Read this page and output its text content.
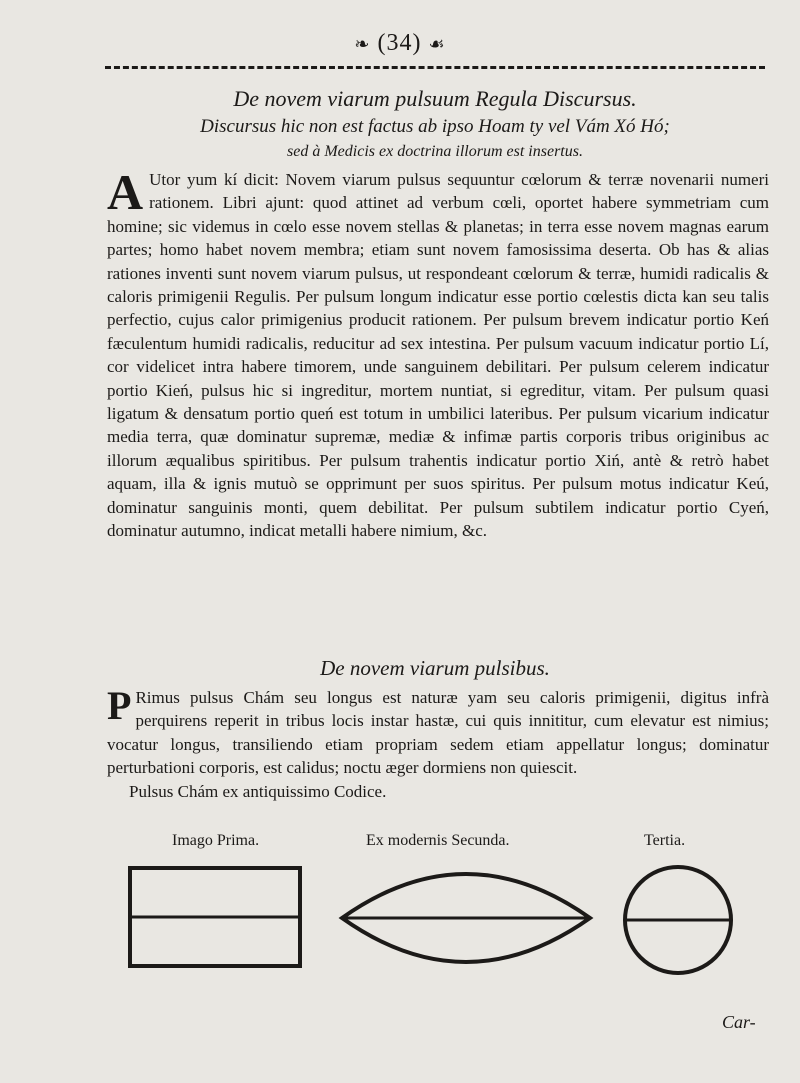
❧ (34) ☙
De novem viarum pulsuum Regula Discursus.
Discursus hic non est factus ab ipso Hoam ty vel Vám Xó Hó;
sed à Medicis ex doctrina illorum est insertus.
A Utor yum kí dicit: Novem viarum pulsus sequuntur cœlorum & terræ novenarii numeri rationem. Libri ajunt: quod attinet ad verbum cœli, oportet habere symmetriam cum homine; sic videmus in cœlo esse novem stellas & planetas; in terra esse novem magnas earum partes; homo habet novem membra; etiam sunt novem famosissima deserta. Ob has & alias rationes inventi sunt novem viarum pulsus, ut respondeant cœlorum & terræ, humidi radicalis & caloris primigenii Regulis. Per pulsum longum indicatur esse portio cœlestis dicta kan seu talis perfectio, cujus calor primigenius producit rationem. Per pulsum brevem indicatur portio Keń fæculentum humidi radicalis, reducitur ad sex intestina. Per pulsum vacuum indicatur portio Lí, cor videlicet intra habere timorem, unde sanguinem debilitari. Per pulsum celerem indicatur portio Kień, pulsus hic si ingreditur, mortem nuntiat, si egreditur, vitam. Per pulsum quasi ligatum & densatum portio queń est totum in umbilici lateribus. Per pulsum vicarium indicatur media terra, quæ dominatur supremæ, mediæ & infimæ partis corporis tribus originibus ac illorum æqualibus spiritibus. Per pulsum trahentis indicatur portio Xiń, antè & retrò habet aquam, illa & ignis mutuò se opprimunt per suos spiritus. Per pulsum motus indicatur Keú, dominatur sanguinis monti, quem debilitat. Per pulsum subtilem indicatur portio Cyeń, dominatur autumno, indicat metalli habere nimium, &c.
De novem viarum pulsibus.
P Rimus pulsus Chám seu longus est naturæ yam seu caloris primigenii, digitus infrà perquirens reperit in tribus locis instar hastæ, cui quis innititur, cum elevatur est nimius; vocatur longus, transiliendo etiam propriam sedem etiam appellatur longus; dominatur perturbationi corporis, est calidus; noctu æger dormiens non quiescit.
Pulsus Chám ex antiquissimo Codice.
Imago Prima.	Ex modernis Secunda.	Tertia.
Car-
